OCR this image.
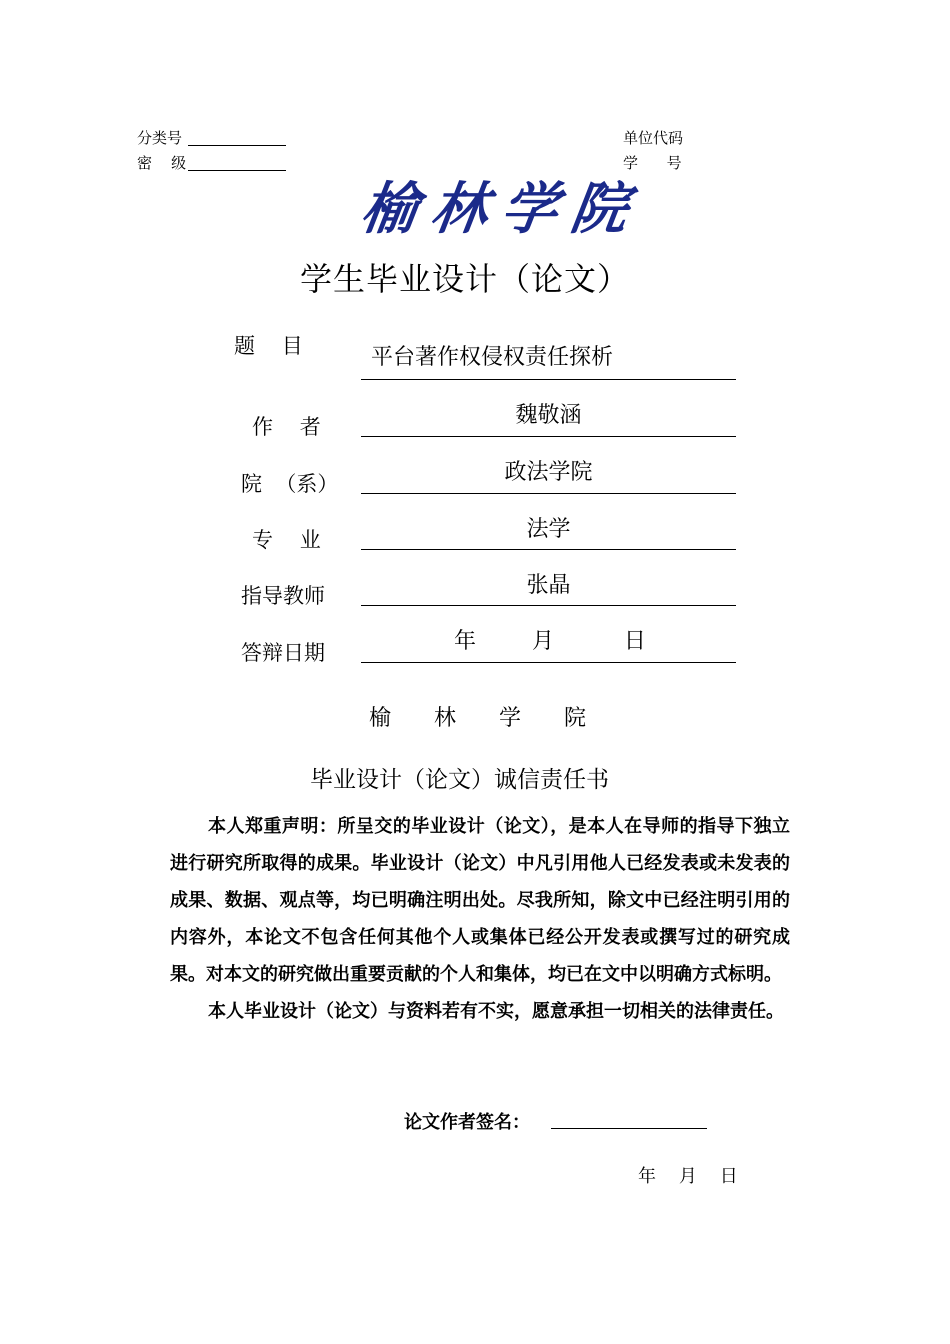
分类号
密    级
单位代码
学      号
榆林学院
学生毕业设计（论文）
题    目	平台著作权侵权责任探析
作    者	魏敬涵
院  （系）	政法学院
专    业	法学
指导教师	张晶
答辩日期	年        月          日
榆 林 学 院
毕业设计（论文）诚信责任书

本人郑重声明：所呈交的毕业设计（论文），是本人在导师的指导下独立进行研究所取得的成果。毕业设计（论文）中凡引用他人已经发表或未发表的成果、数据、观点等，均已明确注明出处。尽我所知，除文中已经注明引用的内容外，本论文不包含任何其他个人或集体已经公开发表或撰写过的研究成果。对本文的研究做出重要贡献的个人和集体，均已在文中以明确方式标明。

本人毕业设计（论文）与资料若有不实，愿意承担一切相关的法律责任。

论文作者签名：
年    月    日
